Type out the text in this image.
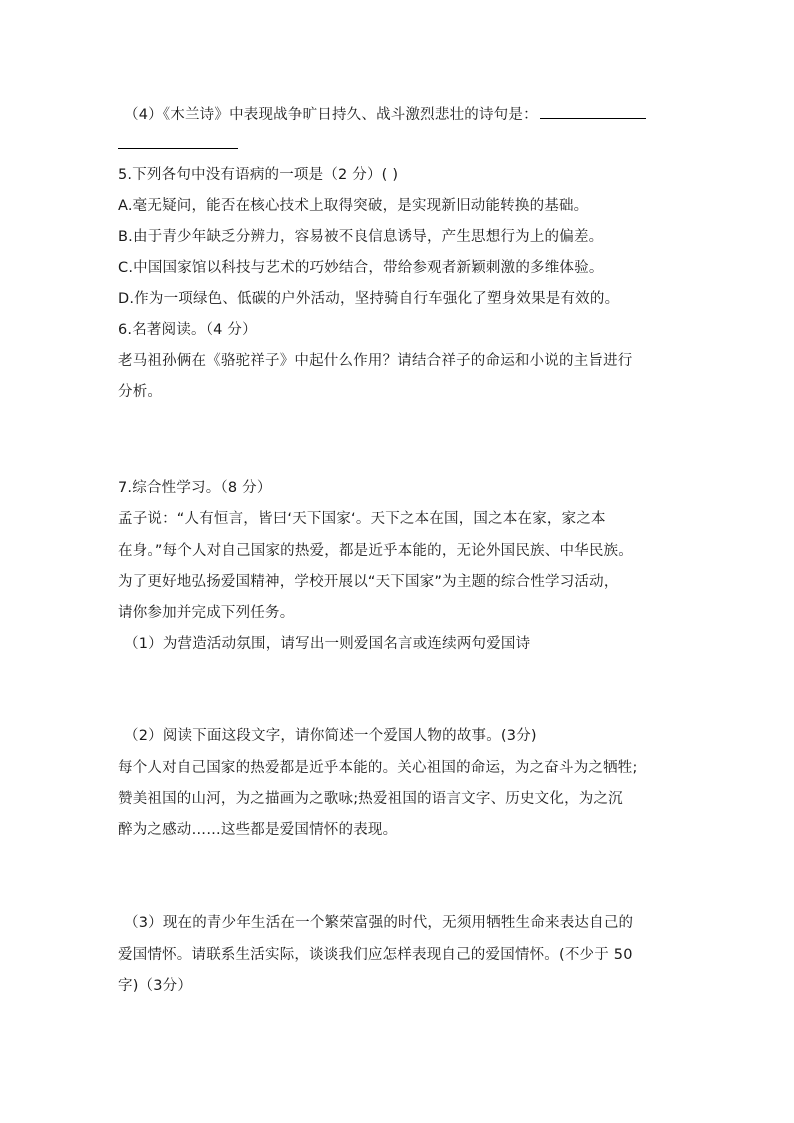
（4）《木兰诗》中表现战争旷日持久、战斗激烈悲壮的诗句是：
5.下列各句中没有语病的一项是（2 分）( )
A.毫无疑问，能否在核心技术上取得突破，是实现新旧动能转换的基础。
B.由于青少年缺乏分辨力，容易被不良信息诱导，产生思想行为上的偏差。
C.中国国家馆以科技与艺术的巧妙结合，带给参观者新颖刺激的多维体验。
D.作为一项绿色、低碳的户外活动，坚持骑自行车强化了塑身效果是有效的。
6.名著阅读。（4 分）
老马祖孙俩在《骆驼祥子》中起什么作用？请结合祥子的命运和小说的主旨进行
分析。
7.综合性学习。（8 分）
孟子说：“人有恒言，皆曰‘天下国家‘。天下之本在国，国之本在家，家之本
在身。”每个人对自己国家的热爱，都是近乎本能的，无论外国民族、中华民族。
为了更好地弘扬爱国精神，学校开展以“天下国家”为主题的综合性学习活动，
请你参加并完成下列任务。
（1）为营造活动氛围，请写出一则爱国名言或连续两句爱国诗
（2）阅读下面这段文字，请你简述一个爱国人物的故事。(3分)
每个人对自己国家的热爱都是近乎本能的。关心祖国的命运，为之奋斗为之牺牲;
赞美祖国的山河，为之描画为之歌咏;热爱祖国的语言文字、历史文化，为之沉
醉为之感动……这些都是爱国情怀的表现。
（3）现在的青少年生活在一个繁荣富强的时代，无须用牺牲生命来表达自己的
爱国情怀。请联系生活实际，谈谈我们应怎样表现自己的爱国情怀。(不少于 50
字)（3分）
